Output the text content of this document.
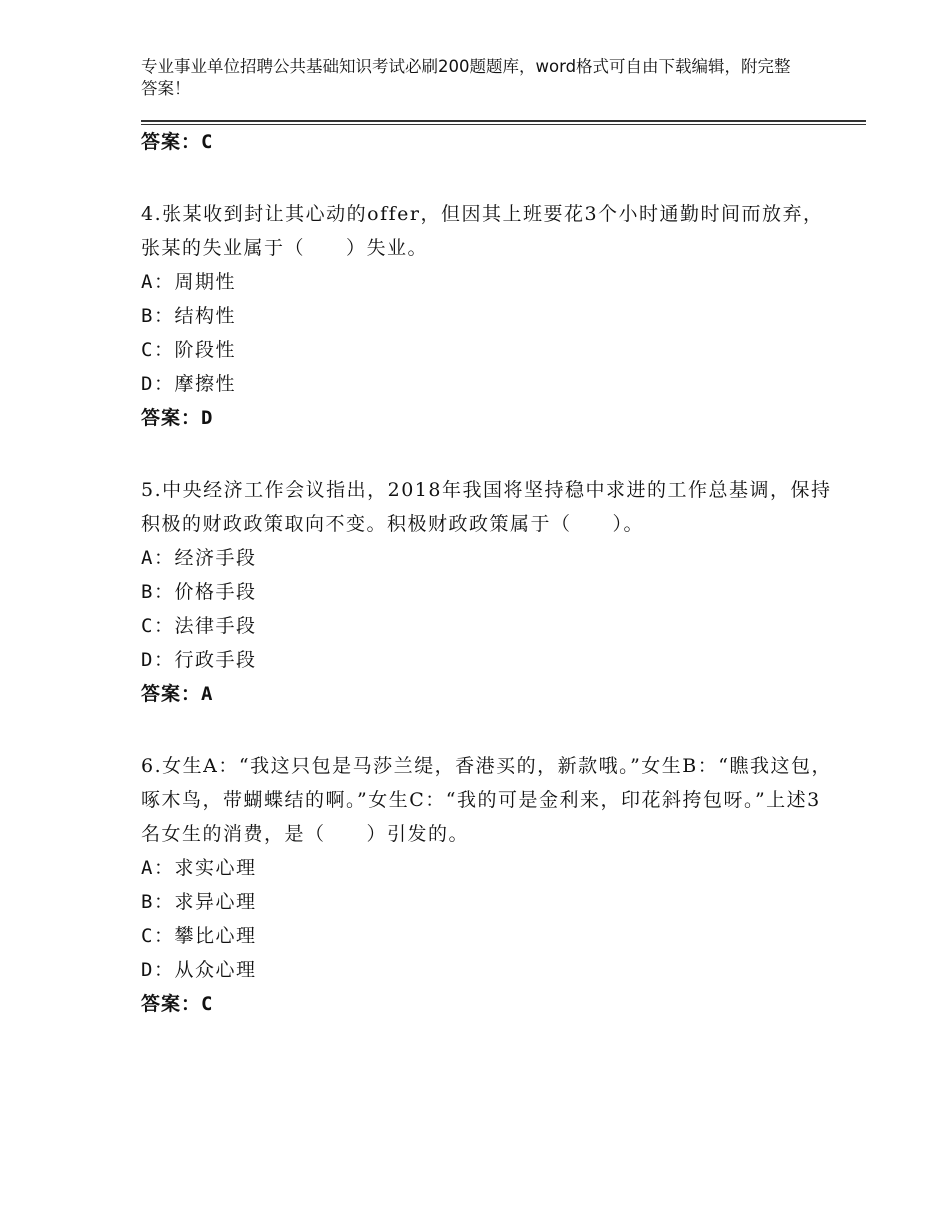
专业事业单位招聘公共基础知识考试必刷200题题库，word格式可自由下载编辑，附完整答案！

答案：C

4.张某收到封让其心动的offer，但因其上班要花3个小时通勤时间而放弃，张某的失业属于（　　）失业。

A：周期性

B：结构性

C：阶段性

D：摩擦性

答案：D

5.中央经济工作会议指出，2018年我国将坚持稳中求进的工作总基调，保持积极的财政政策取向不变。积极财政政策属于（　　）。

A：经济手段

B：价格手段

C：法律手段

D：行政手段

答案：A

6.女生A：“我这只包是马莎兰缇，香港买的，新款哦。”女生B：“瞧我这包，啄木鸟，带蝴蝶结的啊。”女生C：“我的可是金利来，印花斜挎包呀。”上述3名女生的消费，是（　　）引发的。

A：求实心理

B：求异心理

C：攀比心理

D：从众心理

答案：C
